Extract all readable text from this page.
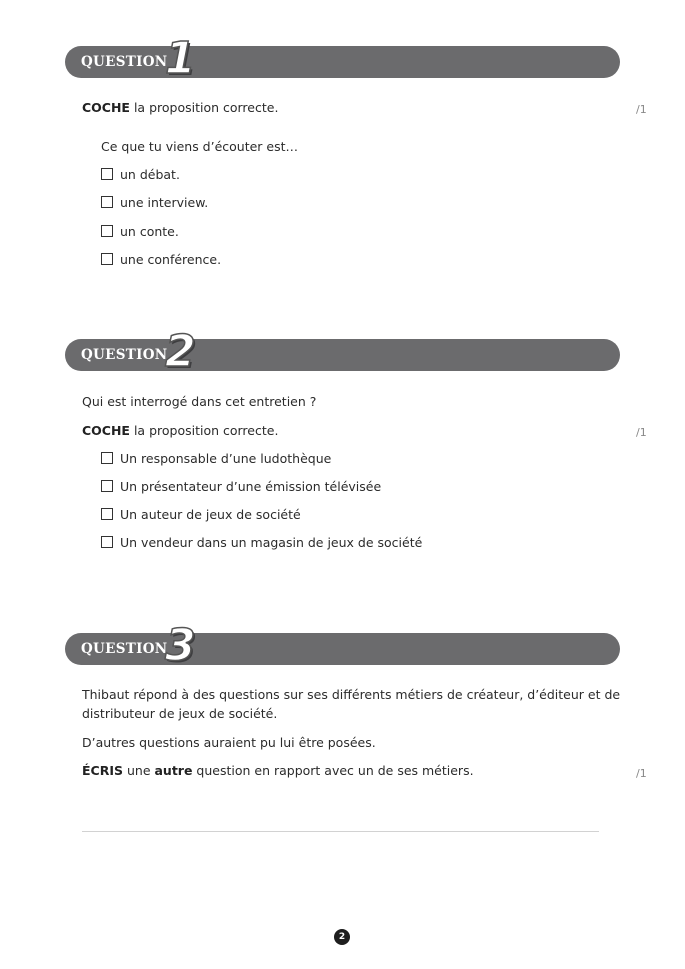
QUESTION
1
COCHE la proposition correcte.	/1
Ce que tu viens d’écouter est…
un débat.
une interview.
un conte.
une conférence.
QUESTION
2
Qui est interrogé dans cet entretien ?
COCHE la proposition correcte.	/1
Un responsable d’une ludothèque
Un présentateur d’une émission télévisée
Un auteur de jeux de société
Un vendeur dans un magasin de jeux de société
QUESTION
3
Thibaut répond à des questions sur ses différents métiers de créateur, d’éditeur et de
distributeur de jeux de société.
D’autres questions auraient pu lui être posées.
ÉCRIS une autre question en rapport avec un de ses métiers.	/1
2
